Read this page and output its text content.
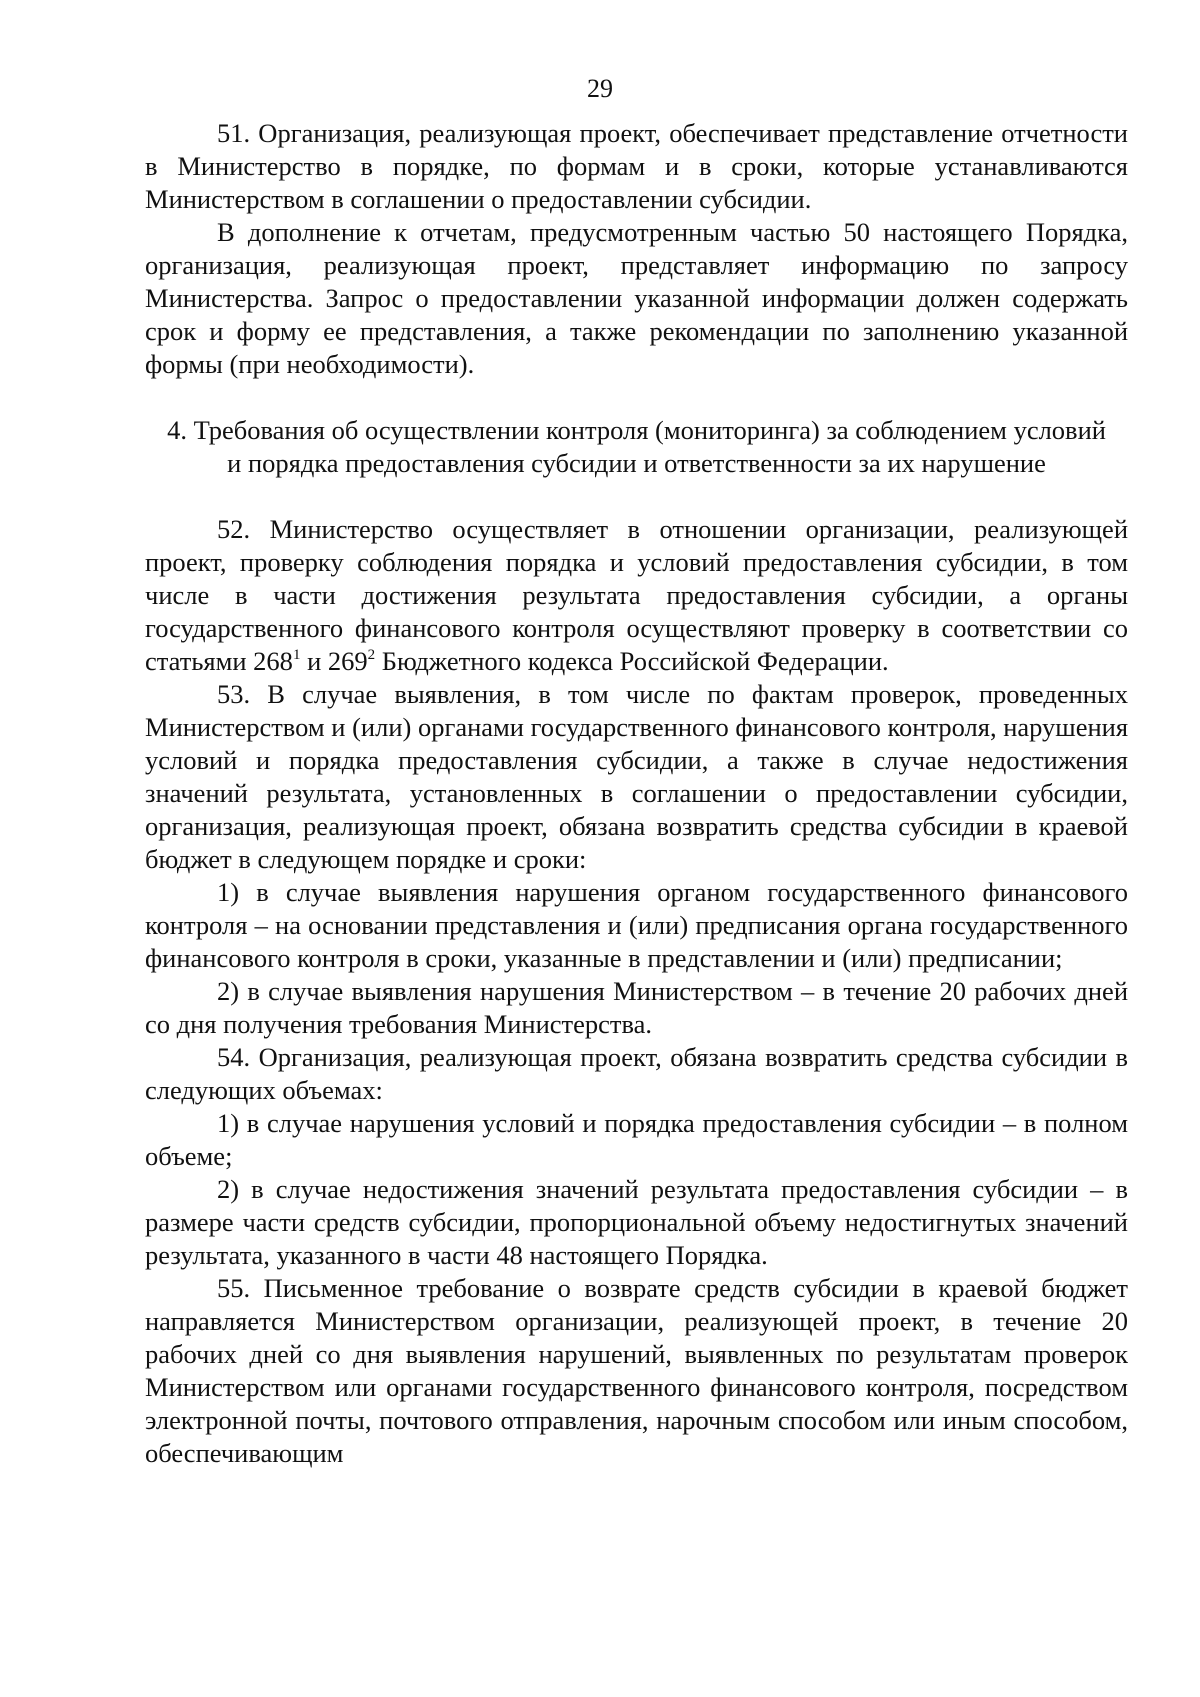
29

51. Организация, реализующая проект, обеспечивает представление отчетности в Министерство в порядке, по формам и в сроки, которые устанавливаются Министерством в соглашении о предоставлении субсидии.

В дополнение к отчетам, предусмотренным частью 50 настоящего Порядка, организация, реализующая проект, представляет информацию по запросу Министерства. Запрос о предоставлении указанной информации должен содержать срок и форму ее представления, а также рекомендации по заполнению указанной формы (при необходимости).

4. Требования об осуществлении контроля (мониторинга) за соблюдением условий и порядка предоставления субсидии и ответственности за их нарушение

52. Министерство осуществляет в отношении организации, реализующей проект, проверку соблюдения порядка и условий предоставления субсидии, в том числе в части достижения результата предоставления субсидии, а органы государственного финансового контроля осуществляют проверку в соответствии со статьями $268^1$ и $269^2$ Бюджетного кодекса Российской Федерации.

53. В случае выявления, в том числе по фактам проверок, проведенных Министерством и (или) органами государственного финансового контроля, нарушения условий и порядка предоставления субсидии, а также в случае недостижения значений результата, установленных в соглашении о предоставлении субсидии, организация, реализующая проект, обязана возвратить средства субсидии в краевой бюджет в следующем порядке и сроки:

1) в случае выявления нарушения органом государственного финансового контроля – на основании представления и (или) предписания органа государственного финансового контроля в сроки, указанные в представлении и (или) предписании;

2) в случае выявления нарушения Министерством – в течение 20 рабочих дней со дня получения требования Министерства.

54. Организация, реализующая проект, обязана возвратить средства субсидии в следующих объемах:

1) в случае нарушения условий и порядка предоставления субсидии – в полном объеме;

2) в случае недостижения значений результата предоставления субсидии – в размере части средств субсидии, пропорциональной объему недостигнутых значений результата, указанного в части 48 настоящего Порядка.

55. Письменное требование о возврате средств субсидии в краевой бюджет направляется Министерством организации, реализующей проект, в течение 20 рабочих дней со дня выявления нарушений, выявленных по результатам проверок Министерством или органами государственного финансового контроля, посредством электронной почты, почтового отправления, нарочным способом или иным способом, обеспечивающим
